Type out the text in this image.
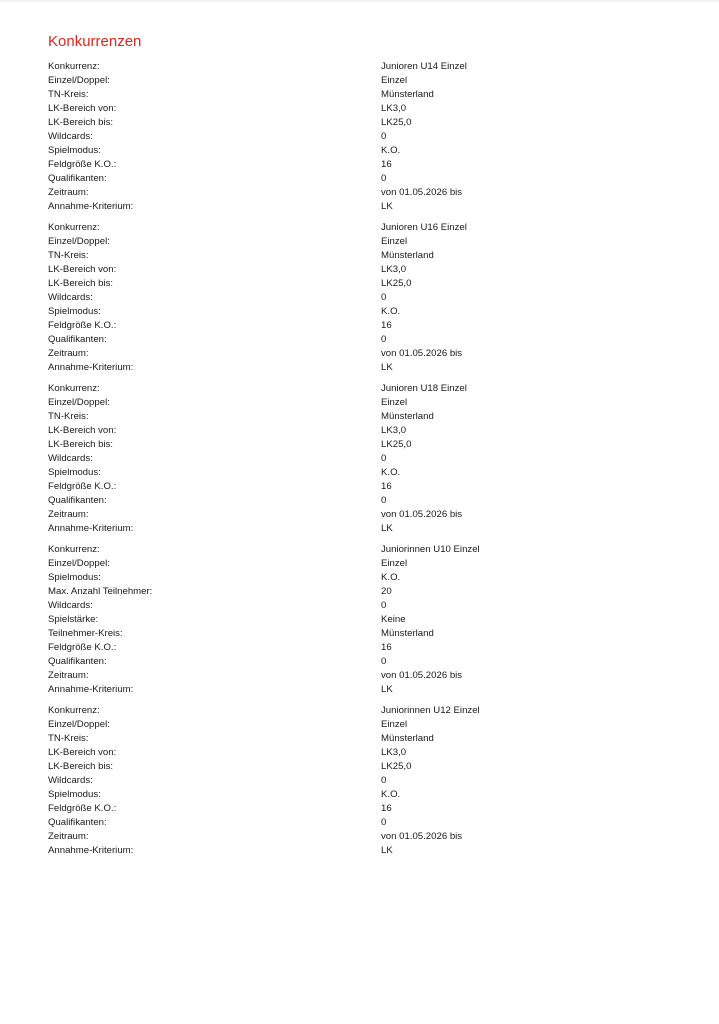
Konkurrenzen
Konkurrenz:	Junioren U14 Einzel
Einzel/Doppel:	Einzel
TN-Kreis:	Münsterland
LK-Bereich von:	LK3,0
LK-Bereich bis:	LK25,0
Wildcards:	0
Spielmodus:	K.O.
Feldgröße K.O.:	16
Qualifikanten:	0
Zeitraum:	von 01.05.2026 bis
Annahme-Kriterium:	LK
Konkurrenz:	Junioren U16 Einzel
Einzel/Doppel:	Einzel
TN-Kreis:	Münsterland
LK-Bereich von:	LK3,0
LK-Bereich bis:	LK25,0
Wildcards:	0
Spielmodus:	K.O.
Feldgröße K.O.:	16
Qualifikanten:	0
Zeitraum:	von 01.05.2026 bis
Annahme-Kriterium:	LK
Konkurrenz:	Junioren U18 Einzel
Einzel/Doppel:	Einzel
TN-Kreis:	Münsterland
LK-Bereich von:	LK3,0
LK-Bereich bis:	LK25,0
Wildcards:	0
Spielmodus:	K.O.
Feldgröße K.O.:	16
Qualifikanten:	0
Zeitraum:	von 01.05.2026 bis
Annahme-Kriterium:	LK
Konkurrenz:	Juniorinnen U10 Einzel
Einzel/Doppel:	Einzel
Spielmodus:	K.O.
Max. Anzahl Teilnehmer:	20
Wildcards:	0
Spielstärke:	Keine
Teilnehmer-Kreis:	Münsterland
Feldgröße K.O.:	16
Qualifikanten:	0
Zeitraum:	von 01.05.2026 bis
Annahme-Kriterium:	LK
Konkurrenz:	Juniorinnen U12 Einzel
Einzel/Doppel:	Einzel
TN-Kreis:	Münsterland
LK-Bereich von:	LK3,0
LK-Bereich bis:	LK25,0
Wildcards:	0
Spielmodus:	K.O.
Feldgröße K.O.:	16
Qualifikanten:	0
Zeitraum:	von 01.05.2026 bis
Annahme-Kriterium:	LK
